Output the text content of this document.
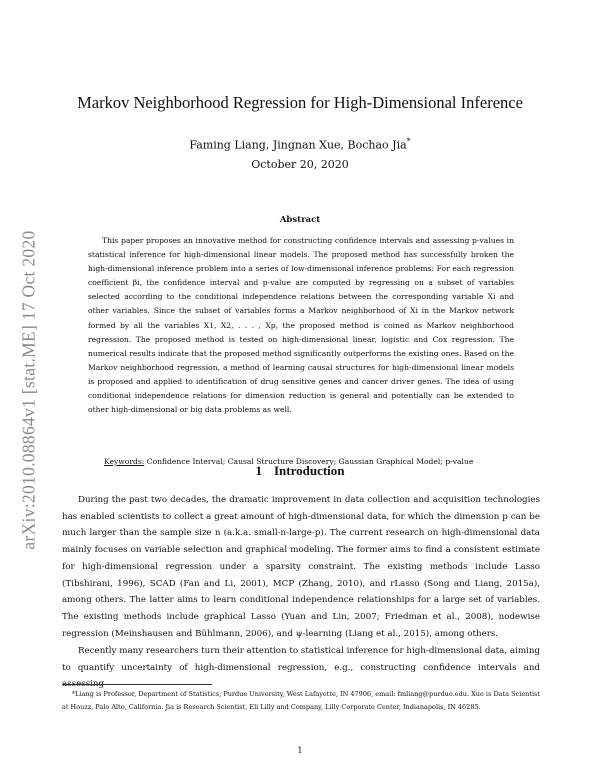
arXiv:2010.08864v1 [stat.ME] 17 Oct 2020
Markov Neighborhood Regression for High-Dimensional Inference
Faming Liang, Jingnan Xue, Bochao Jia*
October 20, 2020
Abstract
This paper proposes an innovative method for constructing confidence intervals and assessing p-values in statistical inference for high-dimensional linear models. The proposed method has successfully broken the high-dimensional inference problem into a series of low-dimensional inference problems: For each regression coefficient βi, the confidence interval and p-value are computed by regressing on a subset of variables selected according to the conditional independence relations between the corresponding variable Xi and other variables. Since the subset of variables forms a Markov neighborhood of Xi in the Markov network formed by all the variables X1, X2, . . . , Xp, the proposed method is coined as Markov neighborhood regression. The proposed method is tested on high-dimensional linear, logistic and Cox regression. The numerical results indicate that the proposed method significantly outperforms the existing ones. Based on the Markov neighborhood regression, a method of learning causal structures for high-dimensional linear models is proposed and applied to identification of drug sensitive genes and cancer driver genes. The idea of using conditional independence relations for dimension reduction is general and potentially can be extended to other high-dimensional or big data problems as well.
Keywords: Confidence Interval; Causal Structure Discovery; Gaussian Graphical Model; p-value
1 Introduction
During the past two decades, the dramatic improvement in data collection and acquisition technologies has enabled scientists to collect a great amount of high-dimensional data, for which the dimension p can be much larger than the sample size n (a.k.a. small-n-large-p). The current research on high-dimensional data mainly focuses on variable selection and graphical modeling. The former aims to find a consistent estimate for high-dimensional regression under a sparsity constraint. The existing methods include Lasso (Tibshirani, 1996), SCAD (Fan and Li, 2001), MCP (Zhang, 2010), and rLasso (Song and Liang, 2015a), among others. The latter aims to learn conditional independence relationships for a large set of variables. The existing methods include graphical Lasso (Yuan and Lin, 2007; Friedman et al., 2008), nodewise regression (Meinshausen and Bühlmann, 2006), and ψ-learning (Liang et al., 2015), among others.
Recently many researchers turn their attention to statistical inference for high-dimensional data, aiming to quantify uncertainty of high-dimensional regression, e.g., constructing confidence intervals and assessing
*Liang is Professor, Department of Statistics, Purdue University, West Lafayette, IN 47906, email: fmliang@purdue.edu. Xue is Data Scientist at Houzz, Palo Alto, California. Jia is Research Scientist, Eli Lilly and Company, Lilly Corporate Center, Indianapolis, IN 46285.
1
